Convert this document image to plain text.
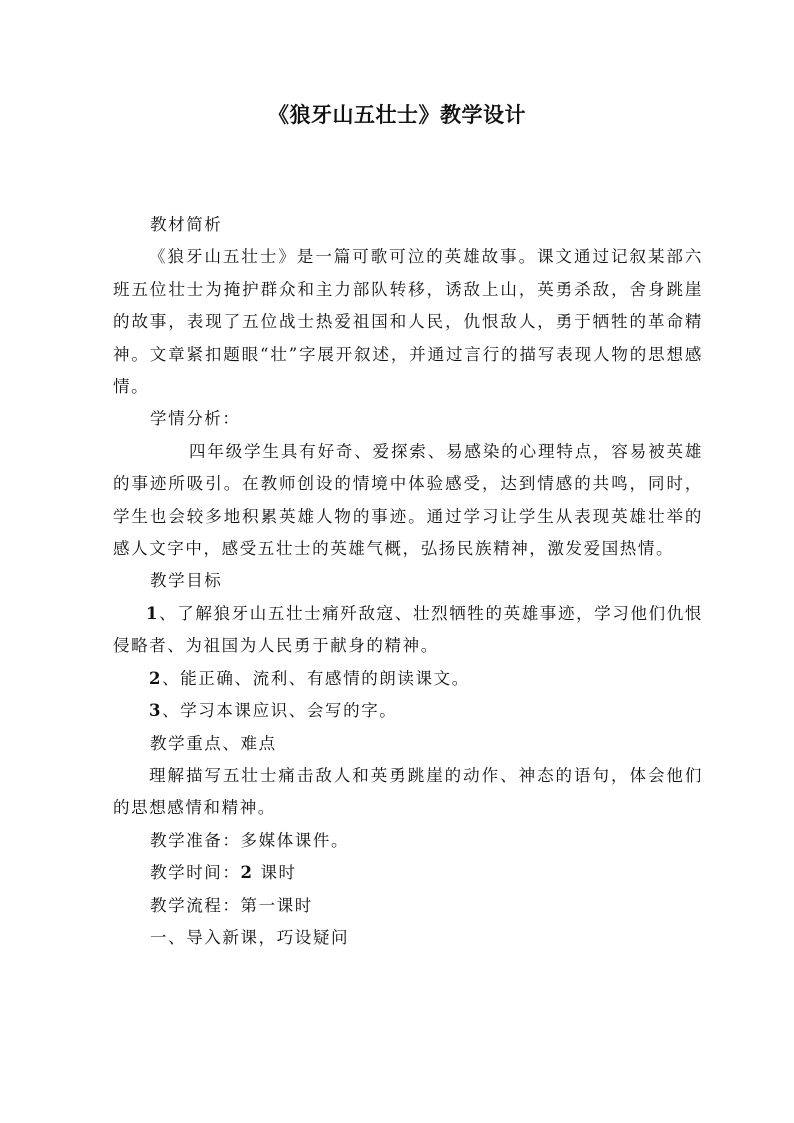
《狼牙山五壮士》教学设计

教材简析

《狼牙山五壮士》是一篇可歌可泣的英雄故事。课文通过记叙某部六班五位壮士为掩护群众和主力部队转移，诱敌上山，英勇杀敌，舍身跳崖的故事，表现了五位战士热爱祖国和人民，仇恨敌人，勇于牺牲的革命精神。文章紧扣题眼“壮”字展开叙述，并通过言行的描写表现人物的思想感情。

学情分析：

四年级学生具有好奇、爱探索、易感染的心理特点，容易被英雄的事迹所吸引。在教师创设的情境中体验感受，达到情感的共鸣，同时，学生也会较多地积累英雄人物的事迹。通过学习让学生从表现英雄壮举的感人文字中，感受五壮士的英雄气概，弘扬民族精神，激发爱国热情。

教学目标

1、了解狼牙山五壮士痛歼敌寇、壮烈牺牲的英雄事迹，学习他们仇恨侵略者、为祖国为人民勇于献身的精神。

2、能正确、流利、有感情的朗读课文。

3、学习本课应识、会写的字。

教学重点、难点

理解描写五壮士痛击敌人和英勇跳崖的动作、神态的语句，体会他们的思想感情和精神。

教学准备：多媒体课件。

教学时间：2 课时

教学流程：第一课时

一、导入新课，巧设疑问
